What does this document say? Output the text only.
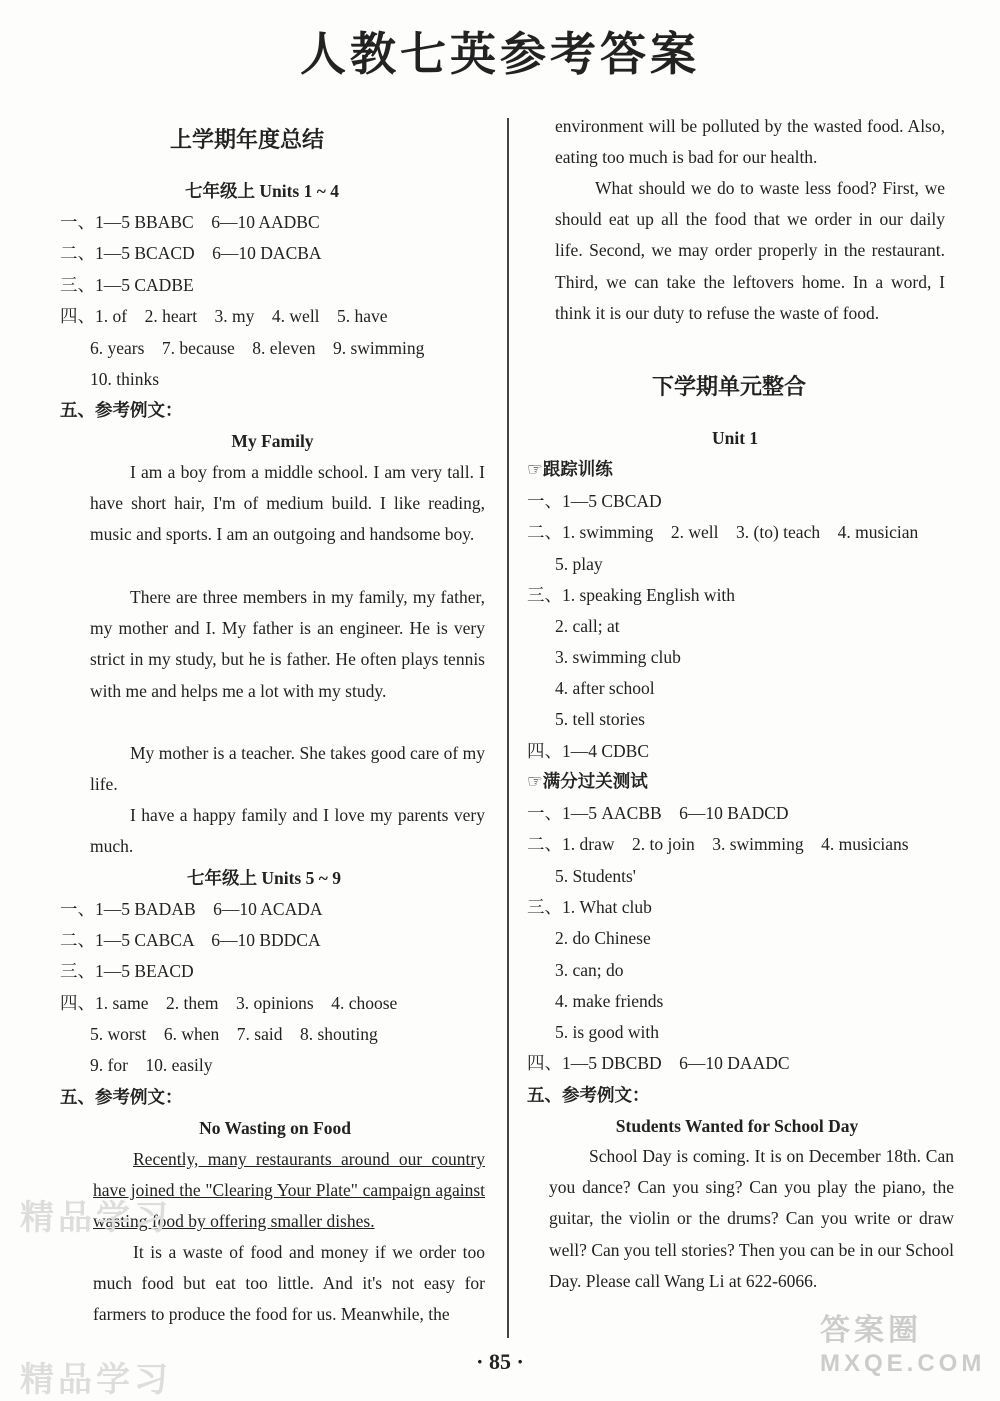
人教七英参考答案
上学期年度总结
七年级上 Units 1 ~ 4
一、1—5 BBABC　6—10 AADBC
二、1—5 BCACD　6—10 DACBA
三、1—5 CADBE
四、1. of　2. heart　3. my　4. well　5. have
6. years　7. because　8. eleven　9. swimming
10. thinks
五、参考例文：
My Family
I am a boy from a middle school. I am very tall. I have short hair, I'm of medium build. I like reading, music and sports. I am an outgoing and handsome boy.
There are three members in my family, my father, my mother and I. My father is an engineer. He is very strict in my study, but he is father. He often plays tennis with me and helps me a lot with my study.
My mother is a teacher. She takes good care of my life.
I have a happy family and I love my parents very much.
七年级上 Units 5 ~ 9
一、1—5 BADAB　6—10 ACADA
二、1—5 CABCA　6—10 BDDCA
三、1—5 BEACD
四、1. same　2. them　3. opinions　4. choose
5. worst　6. when　7. said　8. shouting
9. for　10. easily
五、参考例文：
No Wasting on Food
Recently, many restaurants around our country have joined the "Clearing Your Plate" campaign against wasting food by offering smaller dishes.
It is a waste of food and money if we order too much food but eat too little. And it's not easy for farmers to produce the food for us. Meanwhile, the
environment will be polluted by the wasted food. Also, eating too much is bad for our health.
What should we do to waste less food? First, we should eat up all the food that we order in our daily life. Second, we may order properly in the restaurant. Third, we can take the leftovers home. In a word, I think it is our duty to refuse the waste of food.
下学期单元整合
Unit 1
☞跟踪训练
一、1—5 CBCAD
二、1. swimming　2. well　3. (to) teach　4. musician
5. play
三、1. speaking English with
2. call; at
3. swimming club
4. after school
5. tell stories
四、1—4 CDBC
☞满分过关测试
一、1—5 AACBB　6—10 BADCD
二、1. draw　2. to join　3. swimming　4. musicians
5. Students'
三、1. What club
2. do Chinese
3. can; do
4. make friends
5. is good with
四、1—5 DBCBD　6—10 DAADC
五、参考例文：
Students Wanted for School Day
School Day is coming. It is on December 18th. Can you dance? Can you sing? Can you play the piano, the guitar, the violin or the drums? Can you write or draw well? Can you tell stories? Then you can be in our School Day. Please call Wang Li at 622-6066.
精品学习
精品学习
答案圈
MXQE.COM
· 85 ·
